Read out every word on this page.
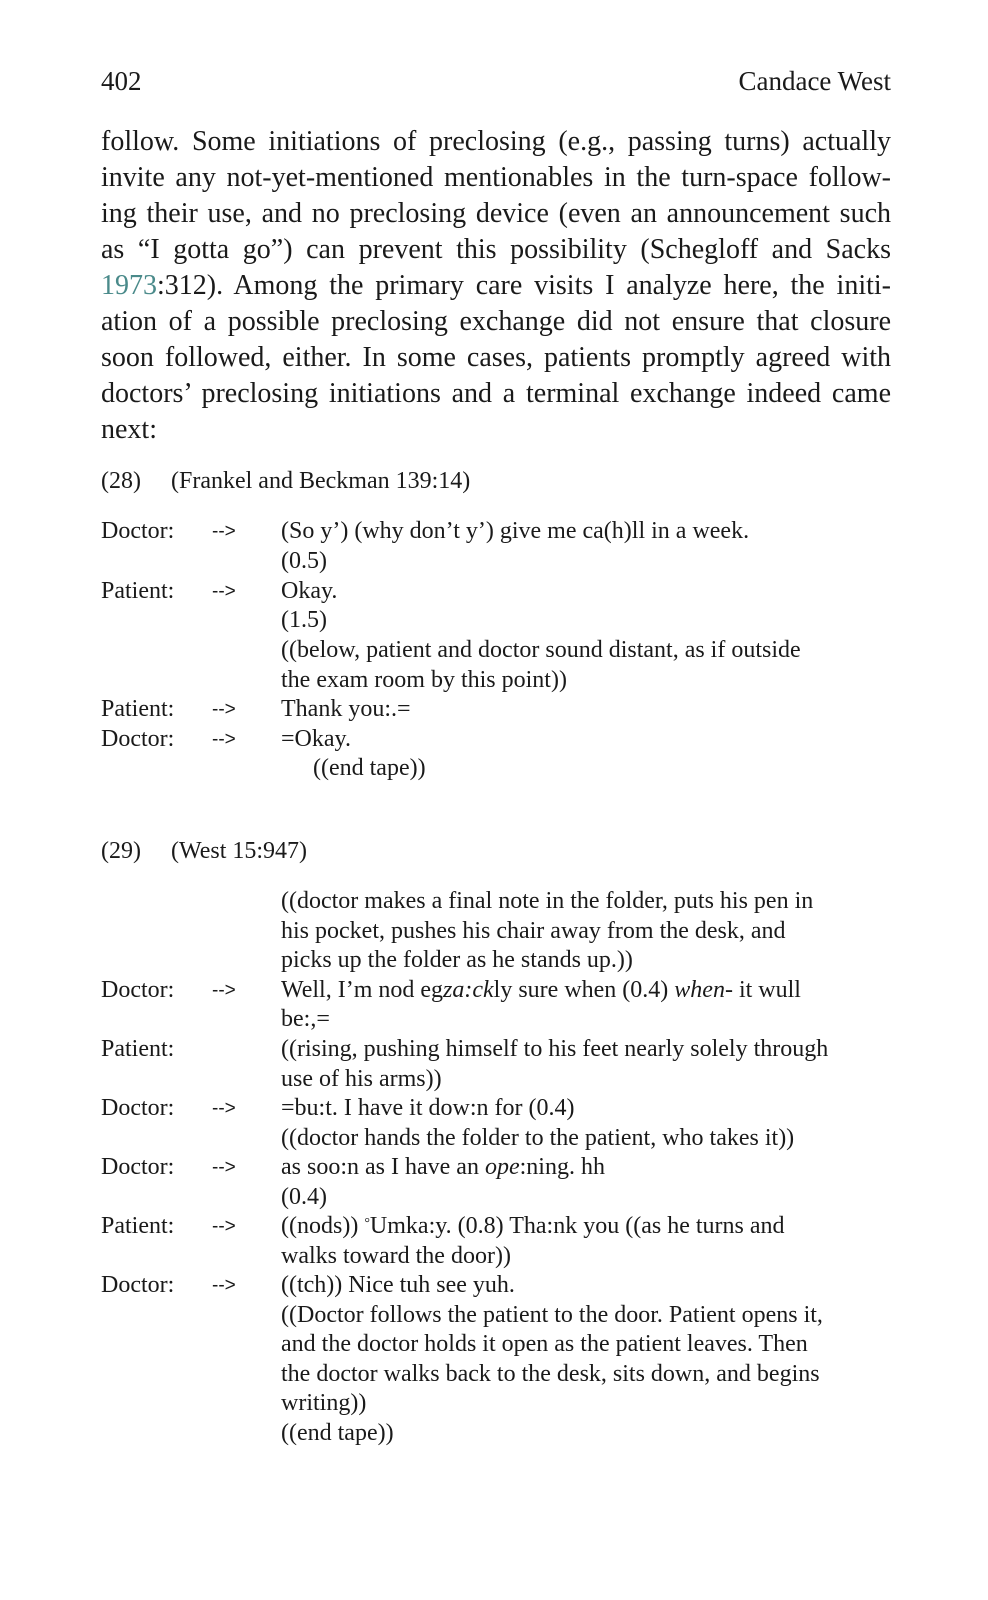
402	Candace West
follow. Some initiations of preclosing (e.g., passing turns) actually
invite any not-yet-mentioned mentionables in the turn-space follow-
ing their use, and no preclosing device (even an announcement such
as “I gotta go”) can prevent this possibility (Schegloff and Sacks
1973:312). Among the primary care visits I analyze here, the initi-
ation of a possible preclosing exchange did not ensure that closure
soon followed, either. In some cases, patients promptly agreed with
doctors’ preclosing initiations and a terminal exchange indeed came
next:
(28) (Frankel and Beckman 139:14)
Doctor: --> (So y’) (why don’t y’) give me ca(h)ll in a week.
(0.5)
Patient: --> Okay.
(1.5)
((below, patient and doctor sound distant, as if outside
the exam room by this point))
Patient: --> Thank you:.=
Doctor: --> =Okay.
((end tape))
(29) (West 15:947)
((doctor makes a final note in the folder, puts his pen in
his pocket, pushes his chair away from the desk, and
picks up the folder as he stands up.))
Doctor: --> Well, I’m nod egza:ckly sure when (0.4) when- it wull
be:,=
Patient:	((rising, pushing himself to his feet nearly solely through
use of his arms))
Doctor: --> =bu:t. I have it dow:n for (0.4)
((doctor hands the folder to the patient, who takes it))
Doctor: --> as soo:n as I have an ope:ning. hh
(0.4)
Patient: --> ((nods)) °Umka:y. (0.8) Tha:nk you ((as he turns and
walks toward the door))
Doctor: --> ((tch)) Nice tuh see yuh.
((Doctor follows the patient to the door. Patient opens it,
and the doctor holds it open as the patient leaves. Then
the doctor walks back to the desk, sits down, and begins
writing))
((end tape))
